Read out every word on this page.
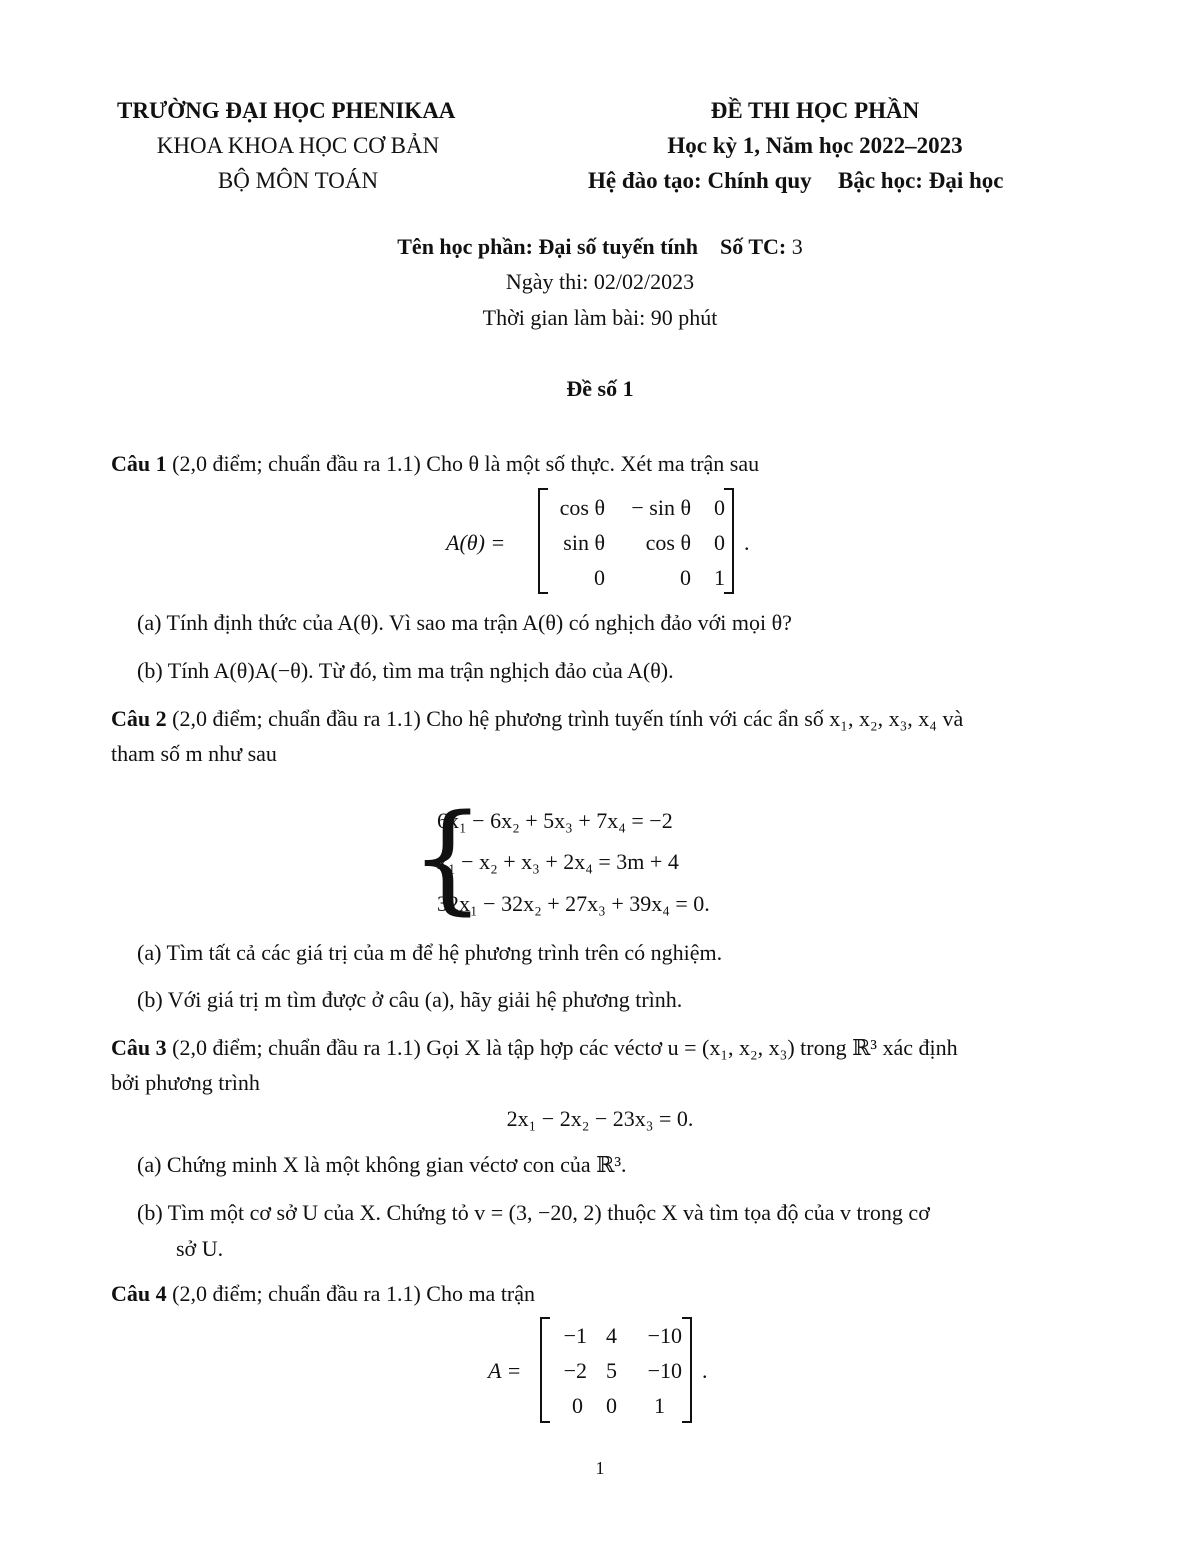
TRƯỜNG ĐẠI HỌC PHENIKAA
KHOA KHOA HỌC CƠ BẢN
BỘ MÔN TOÁN
ĐỀ THI HỌC PHẦN
Học kỳ 1, Năm học 2022–2023
Hệ đào tạo: Chính quy Bậc học: Đại học
Tên học phần: Đại số tuyến tính Số TC: 3
Ngày thi: 02/02/2023
Thời gian làm bài: 90 phút
Đề số 1
Câu 1 (2,0 điểm; chuẩn đầu ra 1.1) Cho θ là một số thực. Xét ma trận sau
A(θ) =
cos θ	− sin θ	0
sin θ	cos θ	0
0	0	1
.
(a) Tính định thức của A(θ). Vì sao ma trận A(θ) có nghịch đảo với mọi θ?
(b) Tính A(θ)A(−θ). Từ đó, tìm ma trận nghịch đảo của A(θ).
Câu 2 (2,0 điểm; chuẩn đầu ra 1.1) Cho hệ phương trình tuyến tính với các ẩn số x₁, x₂, x₃, x₄ và
tham số m như sau
{
6x₁ − 6x₂ + 5x₃ + 7x₄ = −2
x₁ − x₂ + x₃ + 2x₄ = 3m + 4
32x₁ − 32x₂ + 27x₃ + 39x₄ = 0.
(a) Tìm tất cả các giá trị của m để hệ phương trình trên có nghiệm.
(b) Với giá trị m tìm được ở câu (a), hãy giải hệ phương trình.
Câu 3 (2,0 điểm; chuẩn đầu ra 1.1) Gọi X là tập hợp các véctơ u = (x₁, x₂, x₃) trong ℝ³ xác định
bởi phương trình
2x₁ − 2x₂ − 23x₃ = 0.
(a) Chứng minh X là một không gian véctơ con của ℝ³.
(b) Tìm một cơ sở U của X. Chứng tỏ v = (3, −20, 2) thuộc X và tìm tọa độ của v trong cơ
sở U.
Câu 4 (2,0 điểm; chuẩn đầu ra 1.1) Cho ma trận
A =
−1 4	−10
−2 5	−10
0	0	1
.
1
